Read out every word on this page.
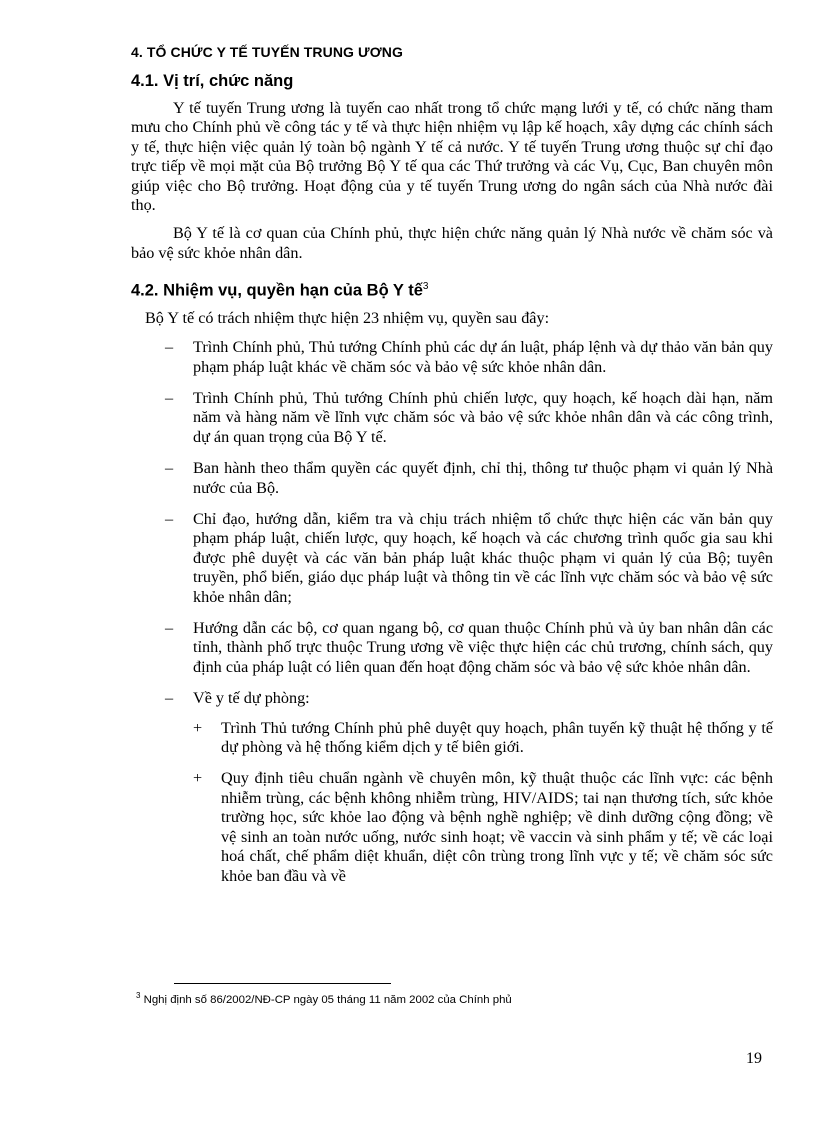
4. TỔ CHỨC Y TẾ TUYẾN TRUNG ƯƠNG
4.1. Vị trí, chức năng

Y tế tuyến Trung ương là tuyến cao nhất trong tổ chức mạng lưới y tế, có chức năng tham mưu cho Chính phủ về công tác y tế và thực hiện nhiệm vụ lập kế hoạch, xây dựng các chính sách y tế, thực hiện việc quản lý toàn bộ ngành Y tế cả nước. Y tế tuyến Trung ương thuộc sự chỉ đạo trực tiếp về mọi mặt của Bộ trưởng Bộ Y tế qua các Thứ trưởng và các Vụ, Cục, Ban chuyên môn giúp việc cho Bộ trưởng. Hoạt động của y tế tuyến Trung ương do ngân sách của Nhà nước đài thọ.

Bộ Y tế là cơ quan của Chính phủ, thực hiện chức năng quản lý Nhà nước về chăm sóc và bảo vệ sức khỏe nhân dân.

4.2. Nhiệm vụ, quyền hạn của Bộ Y tế$^3$

Bộ Y tế có trách nhiệm thực hiện 23 nhiệm vụ, quyền sau đây:

– Trình Chính phủ, Thủ tướng Chính phủ các dự án luật, pháp lệnh và dự thảo văn bản quy phạm pháp luật khác về chăm sóc và bảo vệ sức khỏe nhân dân.
– Trình Chính phủ, Thủ tướng Chính phủ chiến lược, quy hoạch, kế hoạch dài hạn, năm năm và hàng năm về lĩnh vực chăm sóc và bảo vệ sức khỏe nhân dân và các công trình, dự án quan trọng của Bộ Y tế.
– Ban hành theo thẩm quyền các quyết định, chỉ thị, thông tư thuộc phạm vi quản lý Nhà nước của Bộ.
– Chỉ đạo, hướng dẫn, kiểm tra và chịu trách nhiệm tổ chức thực hiện các văn bản quy phạm pháp luật, chiến lược, quy hoạch, kế hoạch và các chương trình quốc gia sau khi được phê duyệt và các văn bản pháp luật khác thuộc phạm vi quản lý của Bộ; tuyên truyền, phổ biến, giáo dục pháp luật và thông tin về các lĩnh vực chăm sóc và bảo vệ sức khỏe nhân dân;
– Hướng dẫn các bộ, cơ quan ngang bộ, cơ quan thuộc Chính phủ và ủy ban nhân dân các tỉnh, thành phố trực thuộc Trung ương về việc thực hiện các chủ trương, chính sách, quy định của pháp luật có liên quan đến hoạt động chăm sóc và bảo vệ sức khỏe nhân dân.
– Về y tế dự phòng:
+ Trình Thủ tướng Chính phủ phê duyệt quy hoạch, phân tuyến kỹ thuật hệ thống y tế dự phòng và hệ thống kiểm dịch y tế biên giới.
+ Quy định tiêu chuẩn ngành về chuyên môn, kỹ thuật thuộc các lĩnh vực: các bệnh nhiễm trùng, các bệnh không nhiễm trùng, HIV/AIDS; tai nạn thương tích, sức khỏe trường học, sức khỏe lao động và bệnh nghề nghiệp; về dinh dưỡng cộng đồng; về vệ sinh an toàn nước uống, nước sinh hoạt; về vaccin và sinh phẩm y tế; về các loại hoá chất, chế phẩm diệt khuẩn, diệt côn trùng trong lĩnh vực y tế; về chăm sóc sức khỏe ban đầu và về
$^3$ Nghị định số 86/2002/NĐ-CP ngày 05 tháng 11 năm 2002 của Chính phủ
19
